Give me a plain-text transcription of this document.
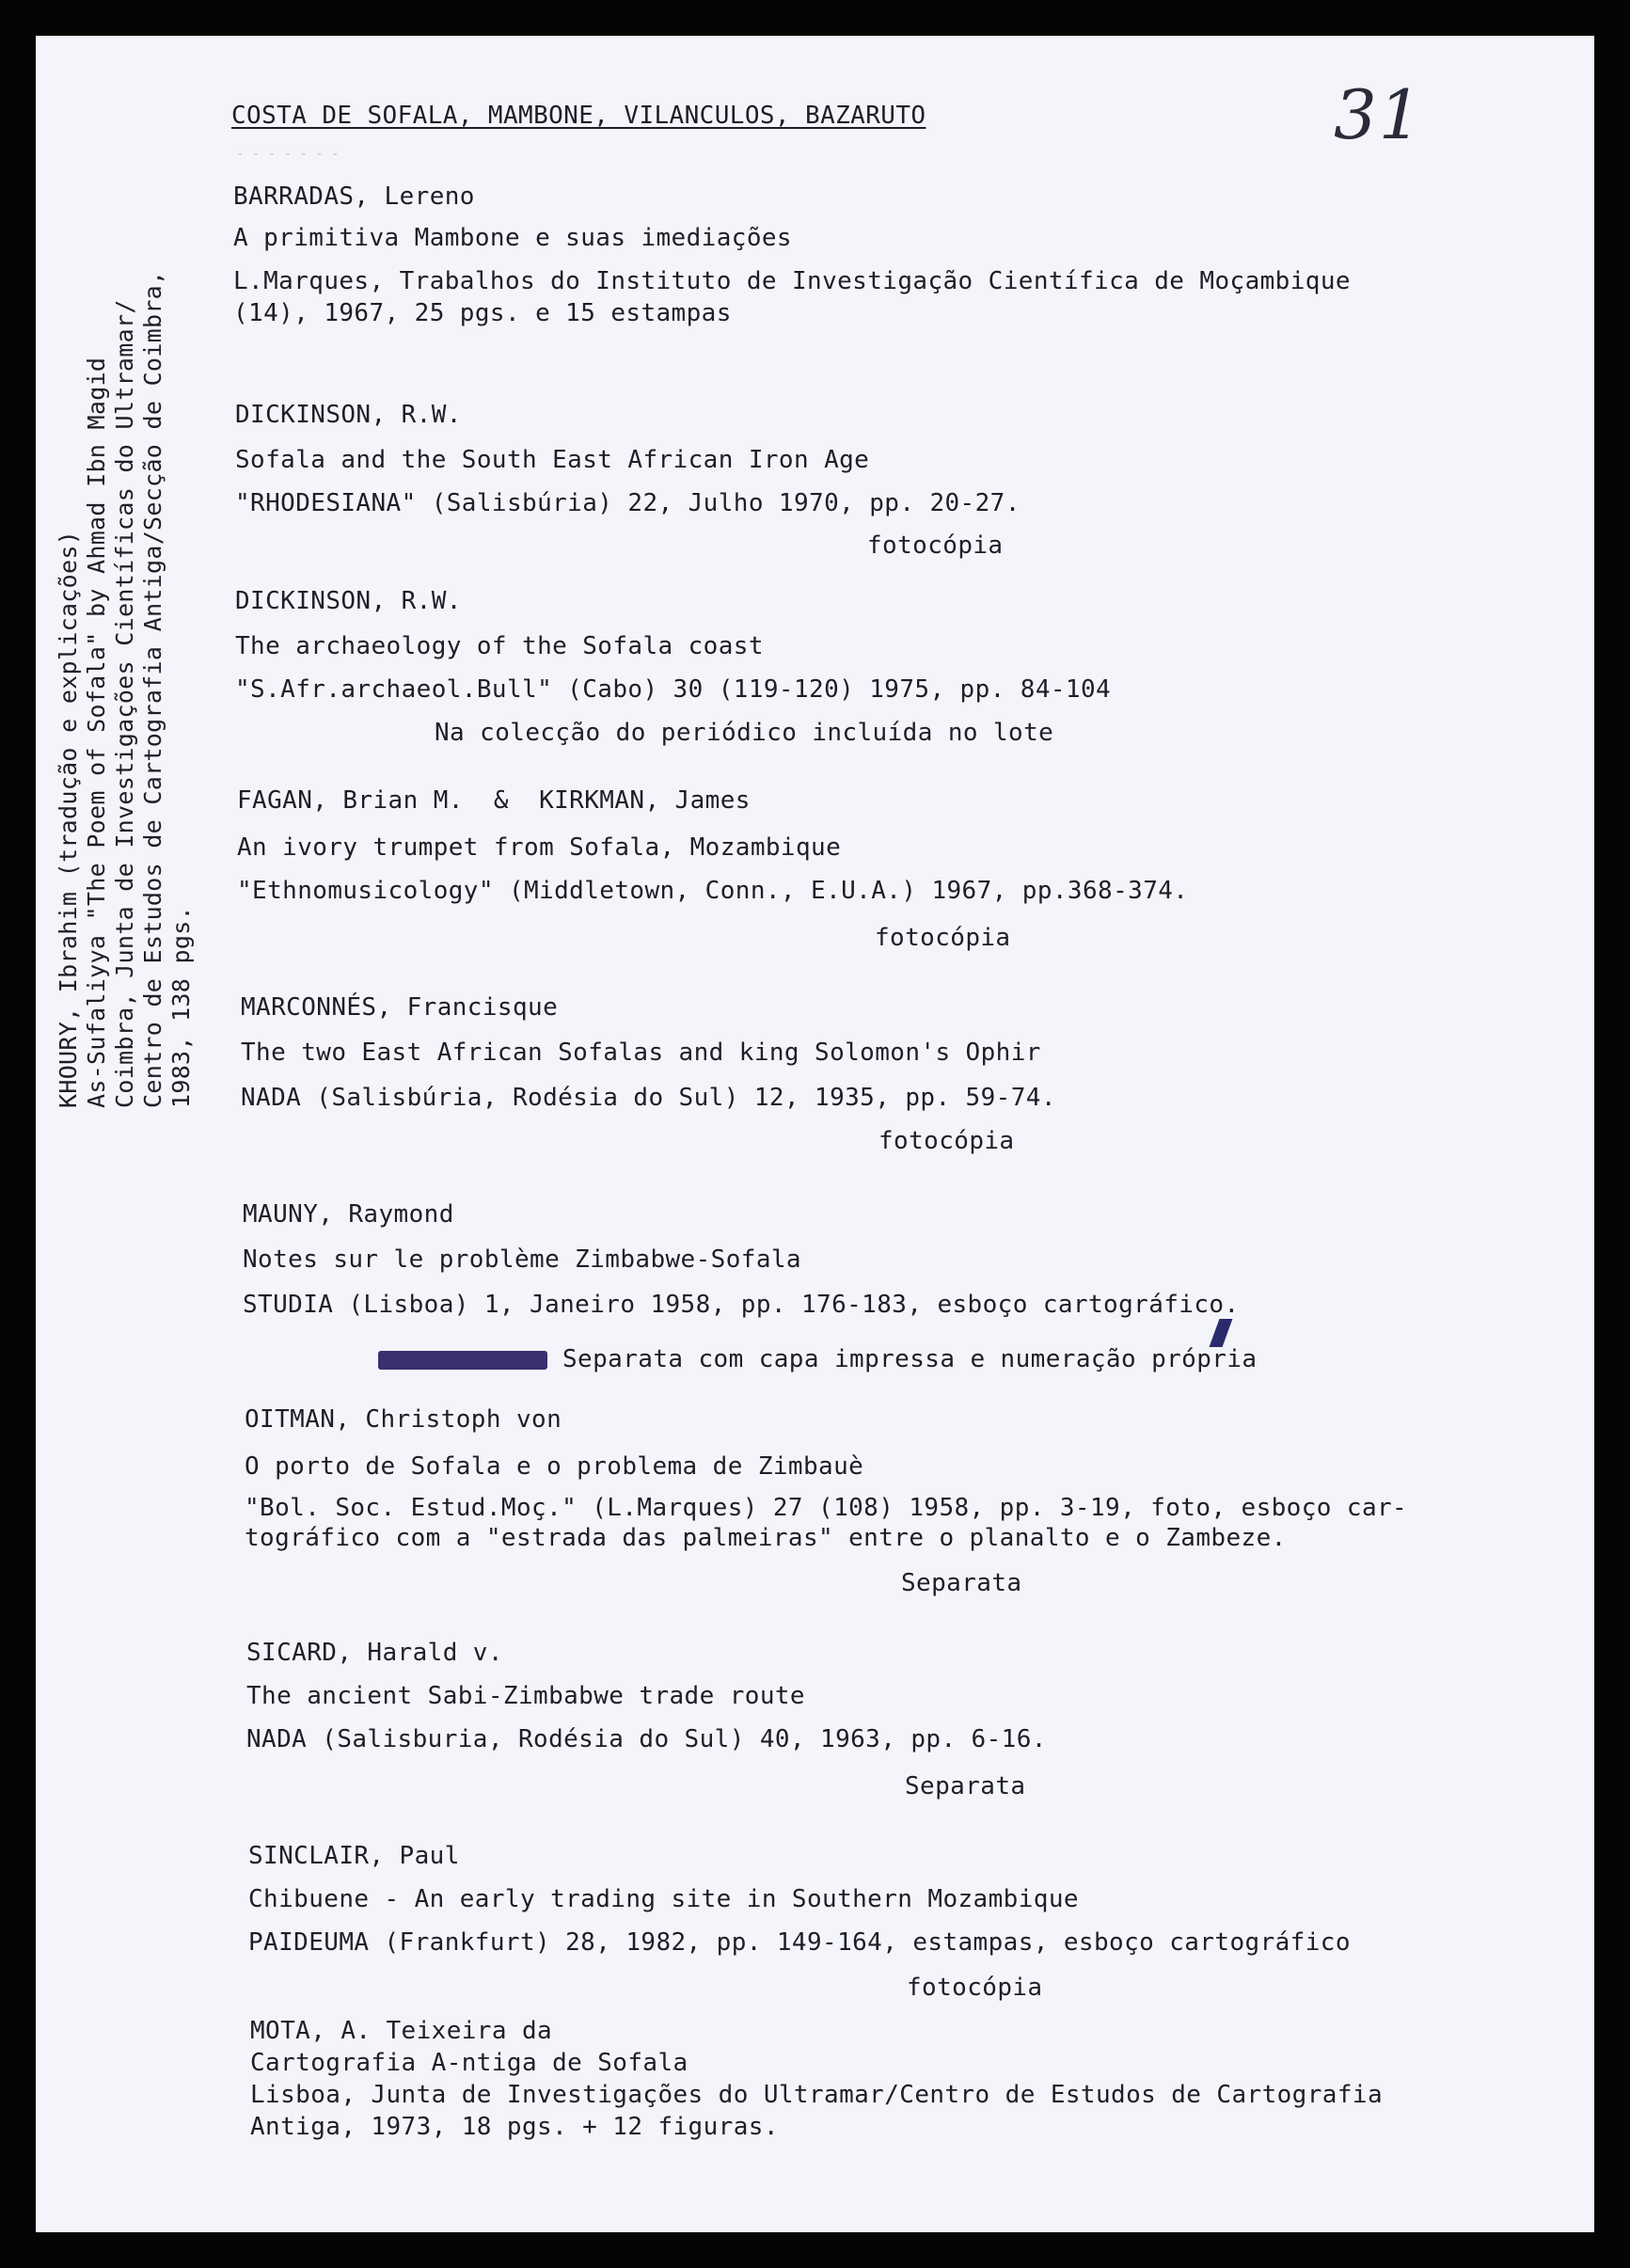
31
COSTA DE SOFALA, MAMBONE, VILANCULOS, BAZARUTO
- - - - - - -
BARRADAS, Lereno
A primitiva Mambone e suas imediações
L.Marques, Trabalhos do Instituto de Investigação Científica de Moçambique
(14), 1967, 25 pgs. e 15 estampas
DICKINSON, R.W.
Sofala and the South East African Iron Age
"RHODESIANA" (Salisbúria) 22, Julho 1970, pp. 20-27.
fotocópia
DICKINSON, R.W.
The archaeology of the Sofala coast
"S.Afr.archaeol.Bull" (Cabo) 30 (119-120) 1975, pp. 84-104
Na colecção do periódico incluída no lote
FAGAN, Brian M.  &  KIRKMAN, James
An ivory trumpet from Sofala, Mozambique
"Ethnomusicology" (Middletown, Conn., E.U.A.) 1967, pp.368-374.
fotocópia
MARCONNÉS, Francisque
The two East African Sofalas and king Solomon's Ophir
NADA (Salisbúria, Rodésia do Sul) 12, 1935, pp. 59-74.
fotocópia
MAUNY, Raymond
Notes sur le problème Zimbabwe-Sofala
STUDIA (Lisboa) 1, Janeiro 1958, pp. 176-183, esboço cartográfico.
Separata com capa impressa e numeração própria
OITMAN, Christoph von
O porto de Sofala e o problema de Zimbauè
"Bol. Soc. Estud.Moç." (L.Marques) 27 (108) 1958, pp. 3-19, foto, esboço car-
tográfico com a "estrada das palmeiras" entre o planalto e o Zambeze.
Separata
SICARD, Harald v.
The ancient Sabi-Zimbabwe trade route
NADA (Salisburia, Rodésia do Sul) 40, 1963, pp. 6-16.
Separata
SINCLAIR, Paul
Chibuene - An early trading site in Southern Mozambique
PAIDEUMA (Frankfurt) 28, 1982, pp. 149-164, estampas, esboço cartográfico
fotocópia
MOTA, A. Teixeira da
Cartografia A-ntiga de Sofala
Lisboa, Junta de Investigações do Ultramar/Centro de Estudos de Cartografia
Antiga, 1973, 18 pgs. + 12 figuras.
KHOURY, Ibrahim (tradução e explicações) As-Sufaliyya "The Poem of Sofala" by Ahmad Ibn Magid Coimbra, Junta de Investigações Científicas do Ultramar/ Centro de Estudos de Cartografia Antiga/Secção de Coimbra, 1983, 138 pgs.
